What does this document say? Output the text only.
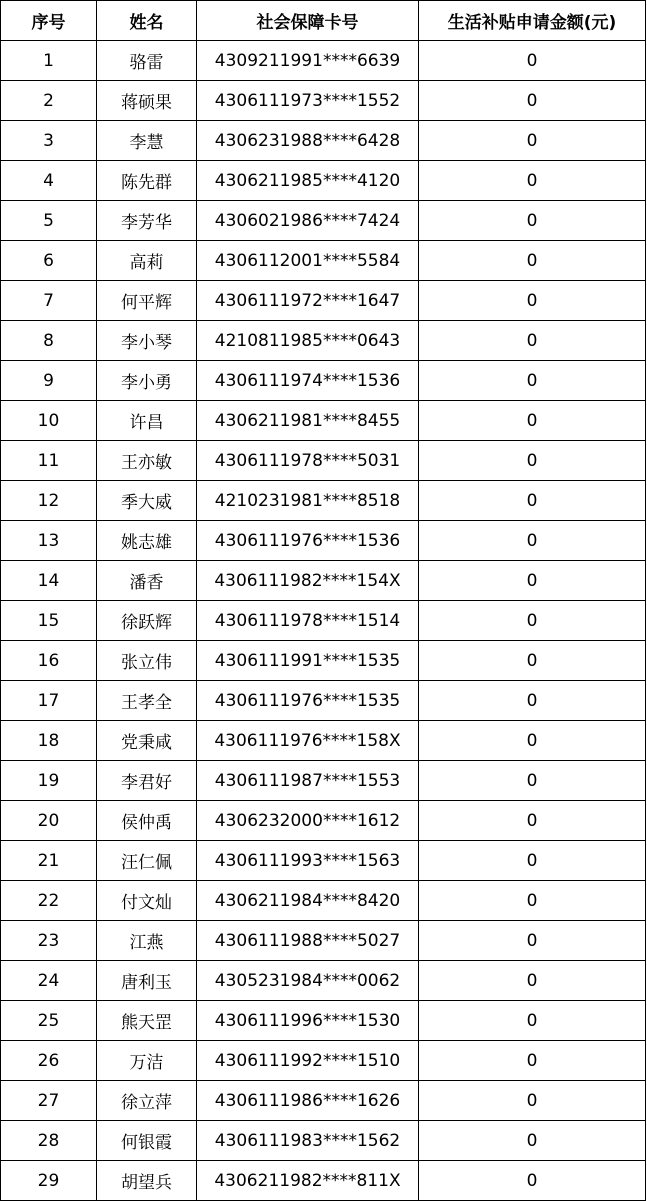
序号	姓名	社会保障卡号	生活补贴申请金额(元)
1	骆雷	4309211991****6639	0
2	蒋硕果	4306111973****1552	0
3	李慧	4306231988****6428	0
4	陈先群	4306211985****4120	0
5	李芳华	4306021986****7424	0
6	高莉	4306112001****5584	0
7	何平辉	4306111972****1647	0
8	李小琴	4210811985****0643	0
9	李小勇	4306111974****1536	0
10	许昌	4306211981****8455	0
11	王亦敏	4306111978****5031	0
12	季大威	4210231981****8518	0
13	姚志雄	4306111976****1536	0
14	潘香	4306111982****154X	0
15	徐跃辉	4306111978****1514	0
16	张立伟	4306111991****1535	0
17	王孝全	4306111976****1535	0
18	党秉咸	4306111976****158X	0
19	李君好	4306111987****1553	0
20	侯仲禹	4306232000****1612	0
21	汪仁佩	4306111993****1563	0
22	付文灿	4306211984****8420	0
23	江燕	4306111988****5027	0
24	唐利玉	4305231984****0062	0
25	熊天罡	4306111996****1530	0
26	万洁	4306111992****1510	0
27	徐立萍	4306111986****1626	0
28	何银霞	4306111983****1562	0
29	胡望兵	4306211982****811X	0
